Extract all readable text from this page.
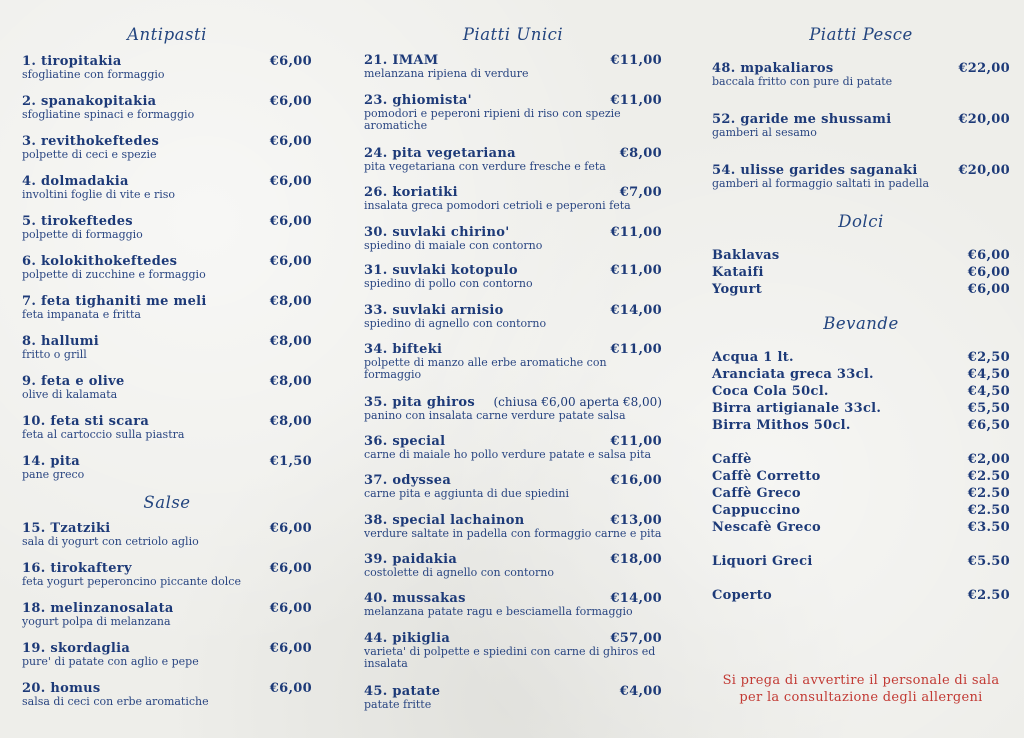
Antipasti
1. tiropitakia	€6,00
sfogliatine con formaggio
2. spanakopitakia	€6,00
sfogliatine spinaci e formaggio
3. revithokeftedes	€6,00
polpette di ceci e spezie
4. dolmadakia	€6,00
involtini foglie di vite e riso
5. tirokeftedes	€6,00
polpette di formaggio
6. kolokithokeftedes	€6,00
polpette di zucchine e formaggio
7. feta tighaniti me meli	€8,00
feta impanata e fritta
8. hallumi	€8,00
fritto o grill
9. feta e olive	€8,00
olive di kalamata
10. feta sti scara	€8,00
feta al cartoccio sulla piastra
14. pita	€1,50
pane greco
Salse
15. Tzatziki	€6,00
sala di yogurt con cetriolo aglio
16. tirokaftery	€6,00
feta yogurt peperoncino piccante dolce
18. melinzanosalata	€6,00
yogurt polpa di melanzana
19. skordaglia	€6,00
pure' di patate con aglio e pepe
20. homus	€6,00
salsa di ceci con erbe aromatiche
Piatti Unici
21. IMAM	€11,00
melanzana ripiena di verdure
23. ghiomista'	€11,00
pomodori e peperoni ripieni di riso con spezie aromatiche
24. pita vegetariana	€8,00
pita vegetariana con verdure fresche e feta
26. koriatiki	€7,00
insalata greca pomodori cetrioli e peperoni feta
30. suvlaki chirino'	€11,00
spiedino di maiale con contorno
31. suvlaki kotopulo	€11,00
spiedino di pollo con contorno
33. suvlaki arnisio	€14,00
spiedino di agnello con contorno
34. bifteki	€11,00
polpette di manzo alle erbe aromatiche con formaggio
35. pita ghiros (chiusa €6,00 aperta €8,00)
panino con insalata carne verdure patate salsa
36. special	€11,00
carne di maiale ho pollo verdure patate e salsa pita
37. odyssea	€16,00
carne pita e aggiunta di due spiedini
38. special lachainon	€13,00
verdure saltate in padella con formaggio carne e pita
39. paidakia	€18,00
costolette di agnello con contorno
40. mussakas	€14,00
melanzana patate ragu e besciamella formaggio
44. pikiglia	€57,00
varieta' di polpette e spiedini con carne di ghiros ed insalata
45. patate	€4,00
patate fritte
Piatti Pesce
48. mpakaliaros	€22,00
baccala fritto con pure di patate
52. garide me shussami	€20,00
gamberi al sesamo
54. ulisse garides saganaki	€20,00
gamberi al formaggio saltati in padella
Dolci
Baklavas	€6,00
Kataifi	€6,00
Yogurt	€6,00
Bevande
Acqua 1 lt.	€2,50
Aranciata greca 33cl.	€4,50
Coca Cola 50cl.	€4,50
Birra artigianale 33cl.	€5,50
Birra Mithos 50cl.	€6,50
Caffè	€2,00
Caffè Corretto	€2.50
Caffè Greco	€2.50
Cappuccino	€2.50
Nescafè Greco	€3.50
Liquori Greci	€5.50
Coperto	€2.50
Si prega di avvertire il personale di sala
per la consultazione degli allergeni
